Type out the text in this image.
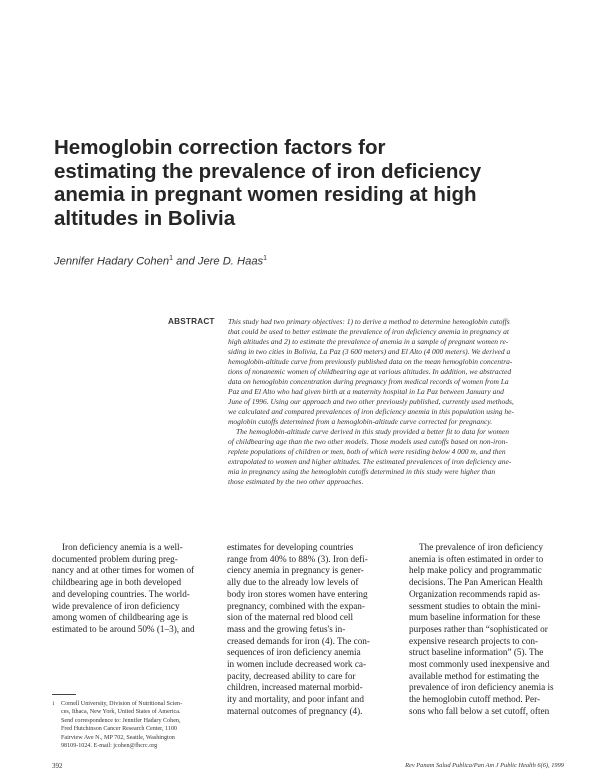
Hemoglobin correction factors for
estimating the prevalence of iron deficiency
anemia in pregnant women residing at high
altitudes in Bolivia
Jennifer Hadary Cohen$^1$ and Jere D. Haas$^1$
ABSTRACT This study had two primary objectives: 1) to derive a method to determine hemoglobin cutoffs
that could be used to better estimate the prevalence of iron deficiency anemia in pregnancy at
high altitudes and 2) to estimate the prevalence of anemia in a sample of pregnant women re-
siding in two cities in Bolivia, La Paz (3 600 meters) and El Alto (4 000 meters). We derived a
hemoglobin-altitude curve from previously published data on the mean hemoglobin concentra-
tions of nonanemic women of childbearing age at various altitudes. In addition, we abstracted
data on hemoglobin concentration during pregnancy from medical records of women from La
Paz and El Alto who had given birth at a maternity hospital in La Paz between January and
June of 1996. Using our approach and two other previously published, currently used methods,
we calculated and compared prevalences of iron deficiency anemia in this population using he-
moglobin cutoffs determined from a hemoglobin-altitude curve corrected for pregnancy.
The hemoglobin-altitude curve derived in this study provided a better fit to data for women
of childbearing age than the two other models. Those models used cutoffs based on non-iron-
replete populations of children or men, both of which were residing below 4 000 m, and then
extrapolated to women and higher altitudes. The estimated prevalences of iron deficiency ane-
mia in pregnancy using the hemoglobin cutoffs determined in this study were higher than
those estimated by the two other approaches.
Iron deficiency anemia is a well-
documented problem during preg-
nancy and at other times for women of
childbearing age in both developed
and developing countries. The world-
wide prevalence of iron deficiency
among women of childbearing age is
estimated to be around 50% (1–3), and
estimates for developing countries
range from 40% to 88% (3). Iron defi-
ciency anemia in pregnancy is gener-
ally due to the already low levels of
body iron stores women have entering
pregnancy, combined with the expan-
sion of the maternal red blood cell
mass and the growing fetus's in-
creased demands for iron (4). The con-
sequences of iron deficiency anemia
in women include decreased work ca-
pacity, decreased ability to care for
children, increased maternal morbid-
ity and mortality, and poor infant and
maternal outcomes of pregnancy (4).
The prevalence of iron deficiency
anemia is often estimated in order to
help make policy and programmatic
decisions. The Pan American Health
Organization recommends rapid as-
sessment studies to obtain the mini-
mum baseline information for these
purposes rather than “sophisticated or
expensive research projects to con-
struct baseline information” (5). The
most commonly used inexpensive and
available method for estimating the
prevalence of iron deficiency anemia is
the hemoglobin cutoff method. Per-
sons who fall below a set cutoff, often
1 Cornell University, Division of Nutritional Scien-
ces, Ithaca, New York, United States of America.
Send correspondence to: Jennifer Hadary Cohen,
Fred Hutchinson Cancer Research Center, 1100
Fairview Ave N., MP 702, Seattle, Washington
98109-1024. E-mail: jcohen@fhcrc.org
392	Rev Panam Salud Publica/Pan Am J Public Health 6(6), 1999
